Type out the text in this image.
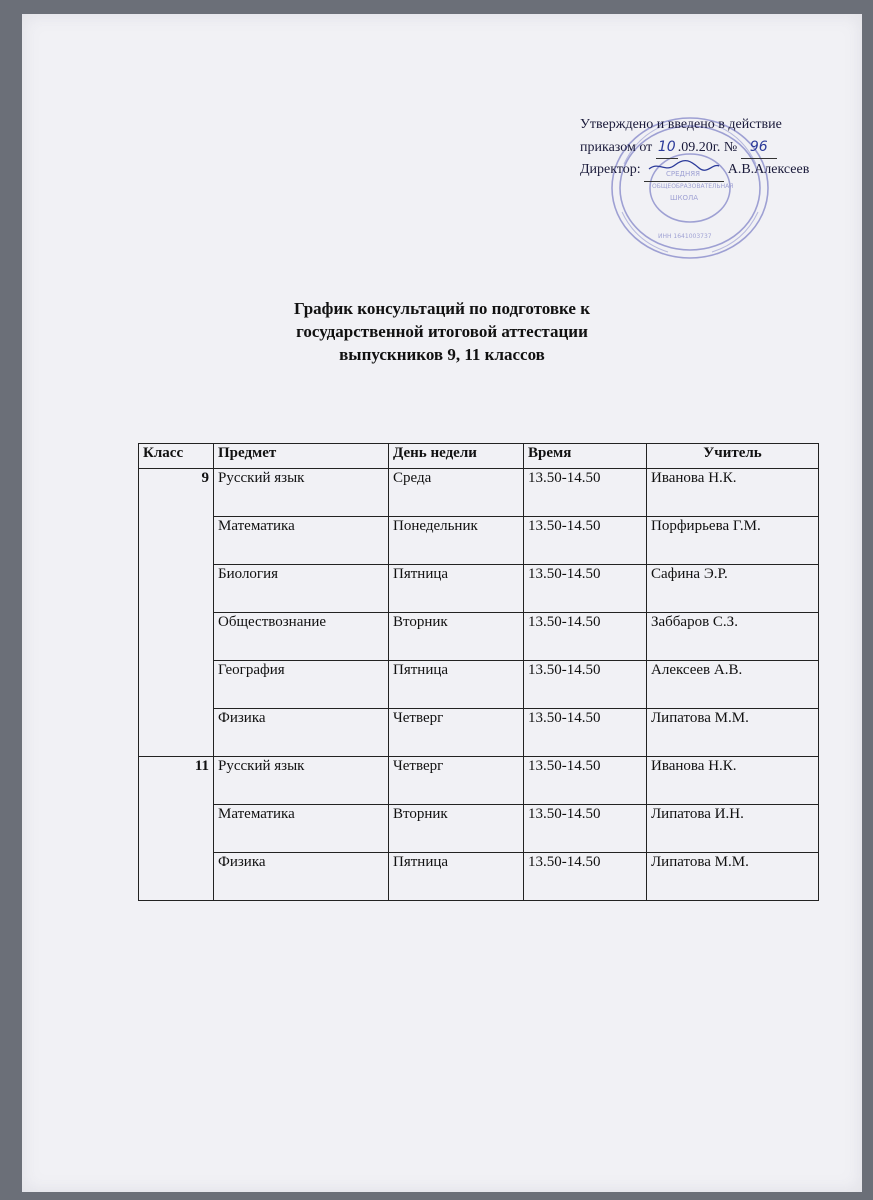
СРЕДНЯЯ
ОБЩЕОБРАЗОВАТЕЛЬНАЯ
ШКОЛА
ИНН 1641003737
Утверждено и введено в действие
приказом от 10 .09.20г. № 96
Директор:	А.В.Алексеев
График консультаций по подготовке к
государственной итоговой аттестации
выпускников 9, 11 классов
Класс	Предмет	День недели	Время	Учитель
9	Русский язык	Среда	13.50-14.50	Иванова Н.К.
	Математика	Понедельник	13.50-14.50	Порфирьева Г.М.
	Биология	Пятница	13.50-14.50	Сафина Э.Р.
	Обществознание	Вторник	13.50-14.50	Заббаров С.З.
	География	Пятница	13.50-14.50	Алексеев А.В.
	Физика	Четверг	13.50-14.50	Липатова М.М.
11	Русский язык	Четверг	13.50-14.50	Иванова Н.К.
	Математика	Вторник	13.50-14.50	Липатова И.Н.
	Физика	Пятница	13.50-14.50	Липатова М.М.
